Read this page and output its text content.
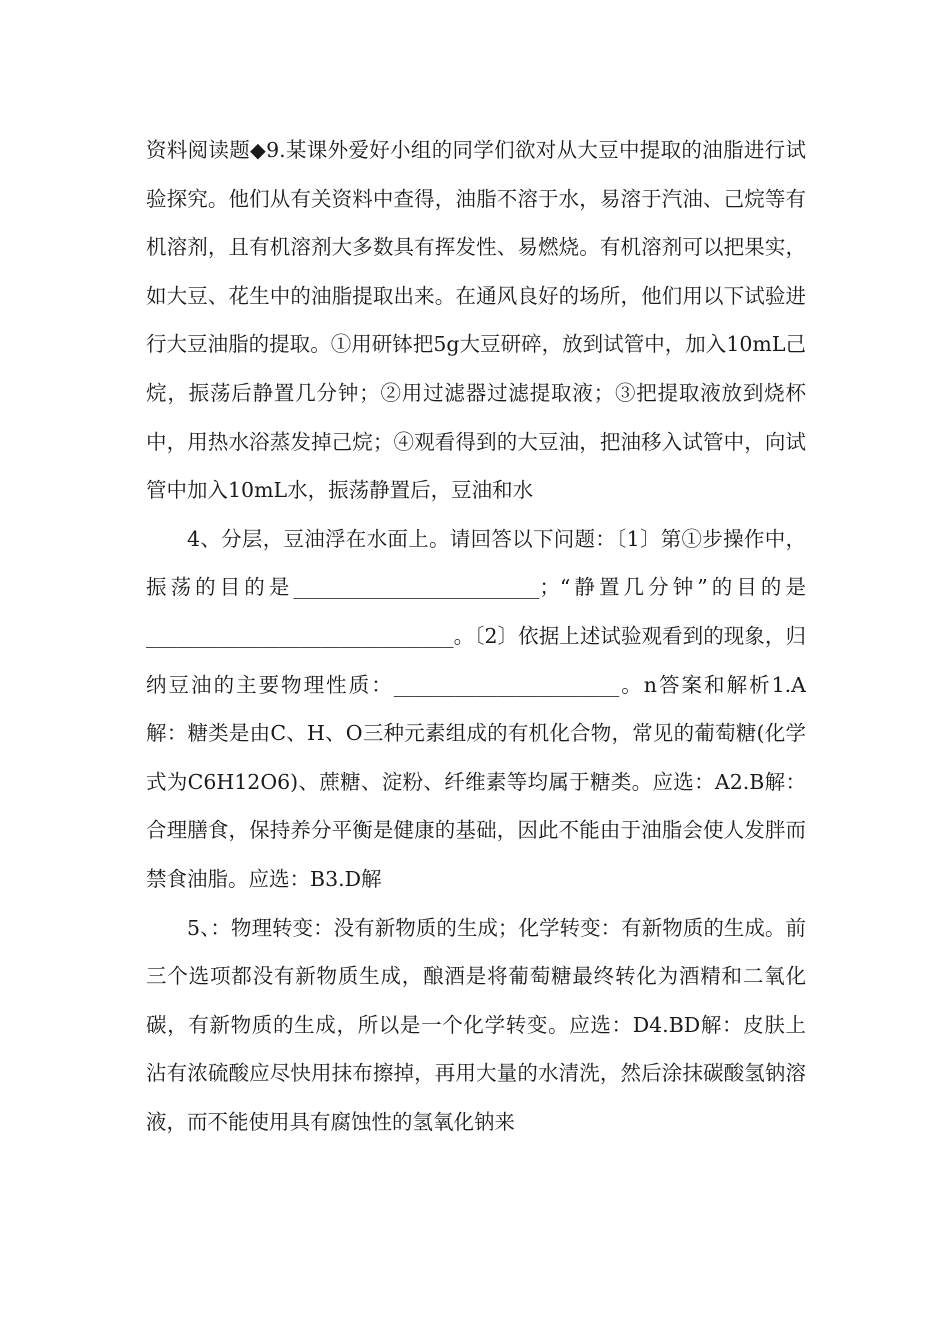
资料阅读题◆9.某课外爱好小组的同学们欲对从大豆中提取的油脂进行试验探究。他们从有关资料中查得，油脂不溶于水，易溶于汽油、己烷等有机溶剂，且有机溶剂大多数具有挥发性、易燃烧。有机溶剂可以把果实，如大豆、花生中的油脂提取出来。在通风良好的场所，他们用以下试验进行大豆油脂的提取。①用研钵把5g大豆研碎，放到试管中，加入10mL己烷，振荡后静置几分钟；②用过滤器过滤提取液；③把提取液放到烧杯中，用热水浴蒸发掉己烷；④观看得到的大豆油，把油移入试管中，向试管中加入10mL水，振荡静置后，豆油和水

4、分层，豆油浮在水面上。请回答以下问题：〔1〕第①步操作中，振荡的目的是________________________；“静置几分钟”的目的是______________________________。〔2〕依据上述试验观看到的现象，归纳豆油的主要物理性质：______________________。n答案和解析1.A解：糖类是由C、H、O三种元素组成的有机化合物，常见的葡萄糖(化学式为C6H12O6)、蔗糖、淀粉、纤维素等均属于糖类。应选：A2.B解：合理膳食，保持养分平衡是健康的基础，因此不能由于油脂会使人发胖而禁食油脂。应选：B3.D解

5、：物理转变：没有新物质的生成；化学转变：有新物质的生成。前三个选项都没有新物质生成，酿酒是将葡萄糖最终转化为酒精和二氧化碳，有新物质的生成，所以是一个化学转变。应选：D4.BD解：皮肤上沾有浓硫酸应尽快用抹布擦掉，再用大量的水清洗，然后涂抹碳酸氢钠溶液，而不能使用具有腐蚀性的氢氧化钠来
